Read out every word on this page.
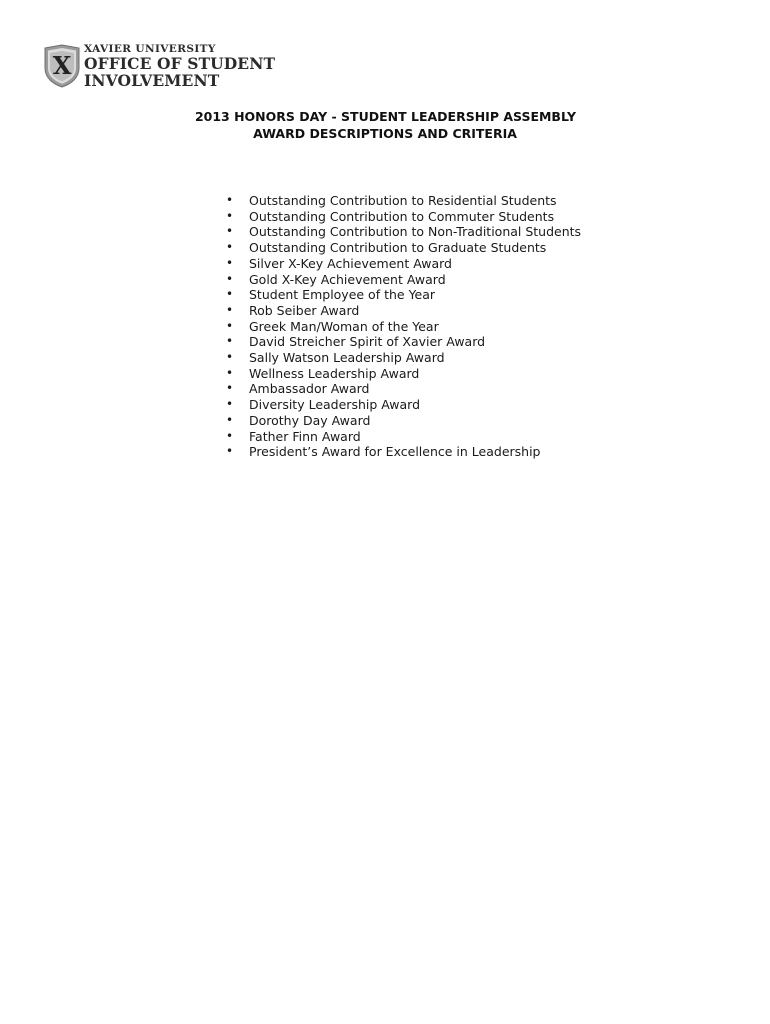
X
XAVIER UNIVERSITY
OFFICE OF STUDENT
INVOLVEMENT
2013 HONORS DAY - STUDENT LEADERSHIP ASSEMBLY
AWARD DESCRIPTIONS AND CRITERIA
• Outstanding Contribution to Residential Students
• Outstanding Contribution to Commuter Students
• Outstanding Contribution to Non-Traditional Students
• Outstanding Contribution to Graduate Students
• Silver X-Key Achievement Award
• Gold X-Key Achievement Award
• Student Employee of the Year
• Rob Seiber Award
• Greek Man/Woman of the Year
• David Streicher Spirit of Xavier Award
• Sally Watson Leadership Award
• Wellness Leadership Award
• Ambassador Award
• Diversity Leadership Award
• Dorothy Day Award
• Father Finn Award
• President’s Award for Excellence in Leadership
